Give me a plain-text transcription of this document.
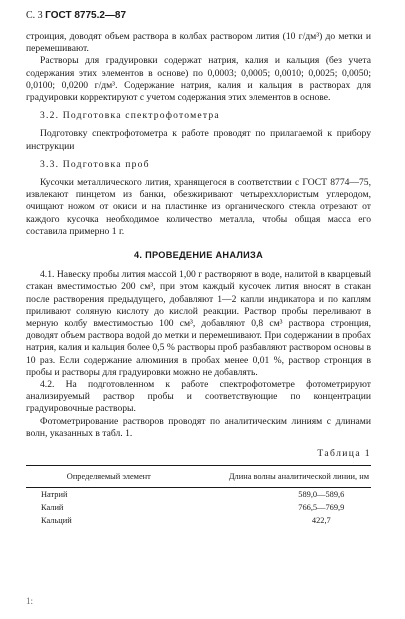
С. 3 ГОСТ 8775.2—87

строиция, доводят объем раствора в колбах раствором лития (10 г/дм³) до метки и перемешивают.

Растворы для градуировки содержат натрия, калия и кальция (без учета содержания этих элементов в основе) по 0,0003; 0,0005; 0,0010; 0,0025; 0,0050; 0,0100; 0,0200 г/дм³. Содержание натрия, калия и кальция в растворах для градуировки корректируют с учетом содержания этих элементов в основе.

3.2. Подготовка спектрофотометра

Подготовку спектрофотометра к работе проводят по прилагаемой к прибору инструкции

3.3. Подготовка проб

Кусочки металлического лития, хранящегося в соответствии с ГОСТ 8774—75, извлекают пинцетом из банки, обезжиривают четыреххлористым углеродом, очищают ножом от окиси и на пластинке из органического стекла отрезают от каждого кусочка необходимое количество металла, чтобы общая масса его составила примерно 1 г.

4. ПРОВЕДЕНИЕ АНАЛИЗА

4.1. Навеску пробы лития массой 1,00 г растворяют в воде, налитой в кварцевый стакан вместимостью 200 см³, при этом каждый кусочек лития вносят в стакан после растворения предыдущего, добавляют 1—2 капли индикатора и по каплям приливают соляную кислоту до кислой реакции. Раствор пробы переливают в мерную колбу вместимостью 100 см³, добавляют 0,8 см³ раствора стронция, доводят объем раствора водой до метки и перемешивают. При содержании в пробах натрия, калия и кальция более 0,5 % растворы проб разбавляют раствором основы в 10 раз. Если содержание алюминия в пробах менее 0,01 %, раствор стронция в пробы и растворы для градуировки можно не добавлять.

4.2. На подготовленном к работе спектрофотометре фотометрируют анализируемый раствор пробы и соответствующие по концентрации градуировочные растворы.

Фотометрирование растворов проводят по аналитическим линиям с длинами волн, указанных в табл. 1.

Таблица 1

Определяемый элемент	Длина волны аналитической линии, нм
Натрий	589,0—589,6
Калий	766,5—769,9
Кальций	422,7
1:
